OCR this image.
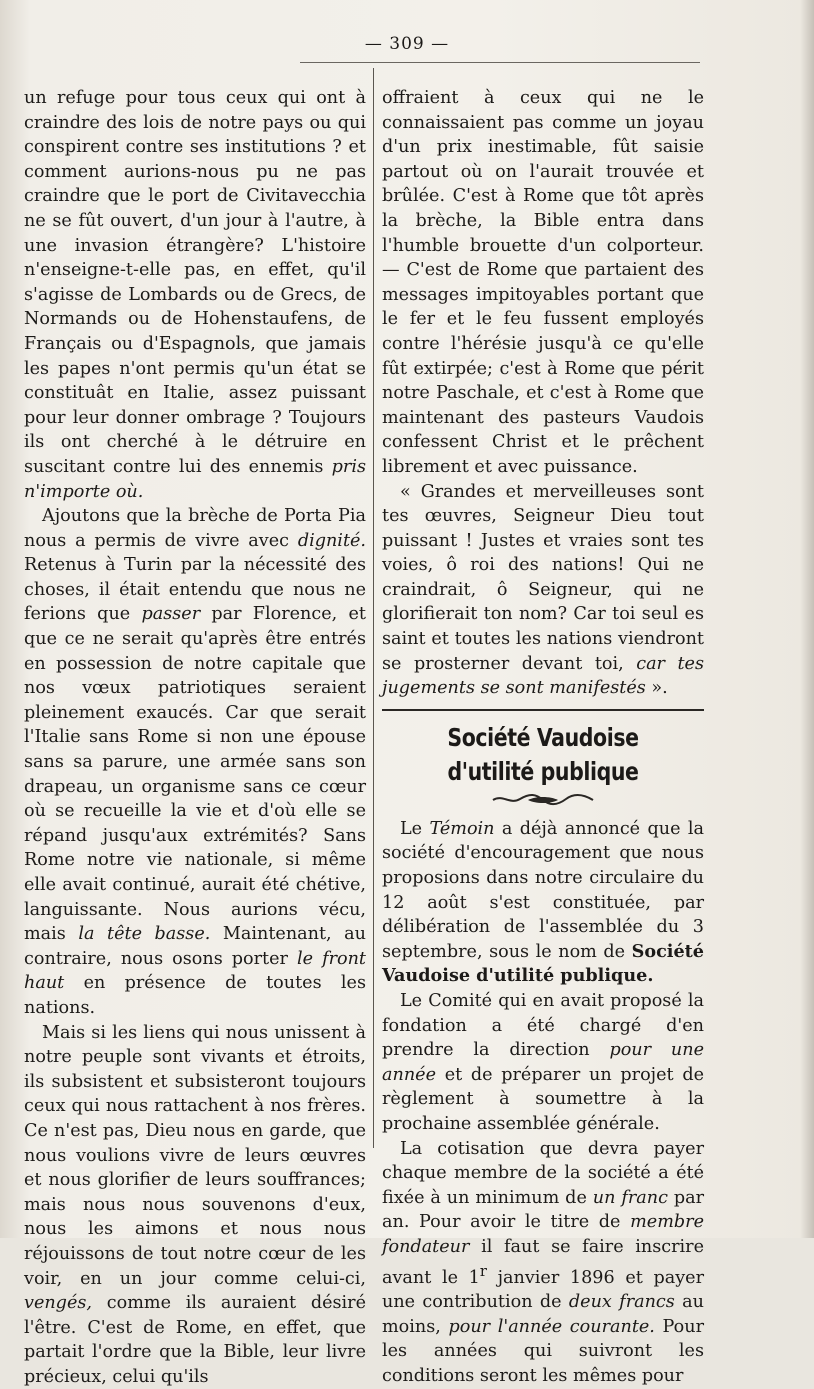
— 309 —

un refuge pour tous ceux qui ont à craindre des lois de notre pays ou qui conspirent contre ses institutions ? et comment aurions-nous pu ne pas craindre que le port de Civitavecchia ne se fût ouvert, d'un jour à l'autre, à une invasion étrangère? L'histoire n'enseigne-t-elle pas, en effet, qu'il s'agisse de Lombards ou de Grecs, de Normands ou de Hohenstaufens, de Français ou d'Espagnols, que jamais les papes n'ont permis qu'un état se constituât en Italie, assez puissant pour leur donner ombrage ? Toujours ils ont cherché à le détruire en suscitant contre lui des ennemis pris n'importe où.

Ajoutons que la brèche de Porta Pia nous a permis de vivre avec dignité. Retenus à Turin par la nécessité des choses, il était entendu que nous ne ferions que passer par Florence, et que ce ne serait qu'après être entrés en possession de notre capitale que nos vœux patriotiques seraient pleinement exaucés. Car que serait l'Italie sans Rome si non une épouse sans sa parure, une armée sans son drapeau, un organisme sans ce cœur où se recueille la vie et d'où elle se répand jusqu'aux extrémités? Sans Rome notre vie nationale, si même elle avait continué, aurait été chétive, languissante. Nous aurions vécu, mais la tête basse. Maintenant, au contraire, nous osons porter le front haut en présence de toutes les nations.

Mais si les liens qui nous unissent à notre peuple sont vivants et étroits, ils subsistent et subsisteront toujours ceux qui nous rattachent à nos frères. Ce n'est pas, Dieu nous en garde, que nous voulions vivre de leurs œuvres et nous glorifier de leurs souffrances; mais nous nous souvenons d'eux, nous les aimons et nous nous réjouissons de tout notre cœur de les voir, en un jour comme celui-ci, vengés, comme ils auraient désiré l'être. C'est de Rome, en effet, que partait l'ordre que la Bible, leur livre précieux, celui qu'ils

offraient à ceux qui ne le connaissaient pas comme un joyau d'un prix inestimable, fût saisie partout où on l'aurait trouvée et brûlée. C'est à Rome que tôt après la brèche, la Bible entra dans l'humble brouette d'un colporteur. — C'est de Rome que partaient des messages impitoyables portant que le fer et le feu fussent employés contre l'hérésie jusqu'à ce qu'elle fût extirpée; c'est à Rome que périt notre Paschale, et c'est à Rome que maintenant des pasteurs Vaudois confessent Christ et le prêchent librement et avec puissance.

« Grandes et merveilleuses sont tes œuvres, Seigneur Dieu tout puissant ! Justes et vraies sont tes voies, ô roi des nations! Qui ne craindrait, ô Seigneur, qui ne glorifierait ton nom? Car toi seul es saint et toutes les nations viendront se prosterner devant toi, car tes jugements se sont manifestés ».

Société Vaudoise d'utilité publique

Le Témoin a déjà annoncé que la société d'encouragement que nous proposions dans notre circulaire du 12 août s'est constituée, par délibération de l'assemblée du 3 septembre, sous le nom de Société Vaudoise d'utilité publique.

Le Comité qui en avait proposé la fondation a été chargé d'en prendre la direction pour une année et de préparer un projet de règlement à soumettre à la prochaine assemblée générale.

La cotisation que devra payer chaque membre de la société a été fixée à un minimum de un franc par an. Pour avoir le titre de membre fondateur il faut se faire inscrire avant le 1$^r$ janvier 1896 et payer une contribution de deux francs au moins, pour l'année courante. Pour les années qui suivront les conditions seront les mêmes pour
